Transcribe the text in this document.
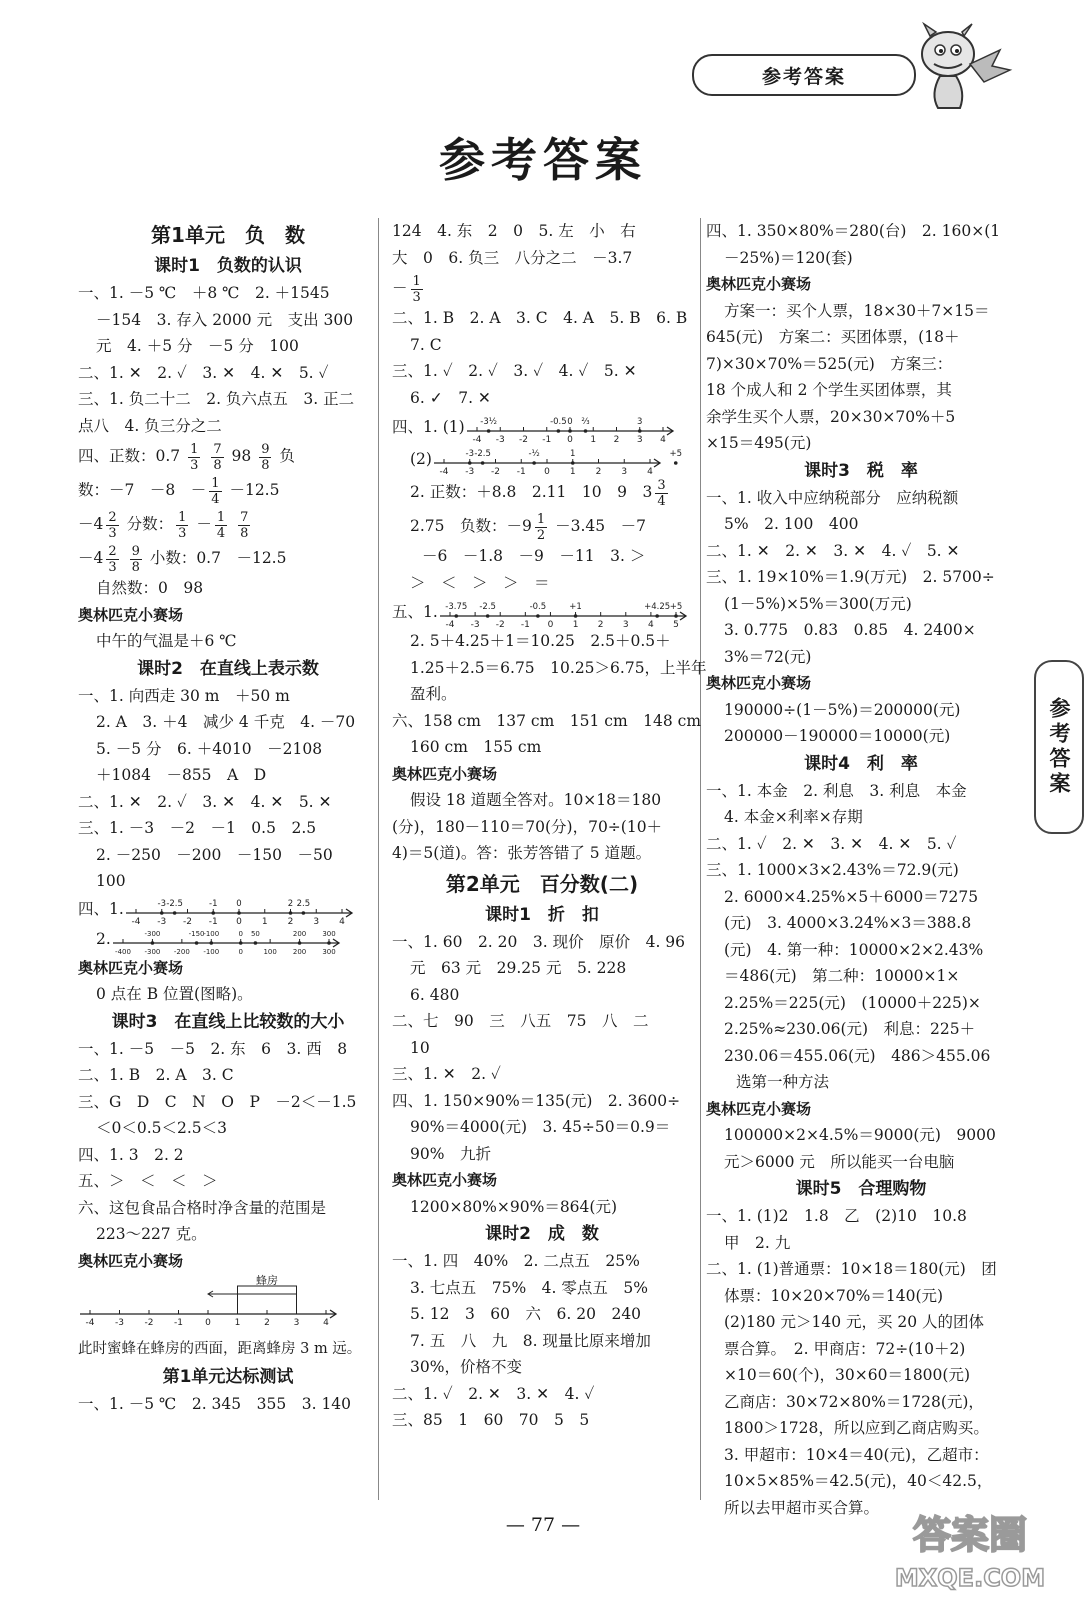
参考答案
参考答案
参考答案
第1单元　负　数
课时1　负数的认识
一、1. －5 ℃　＋8 ℃　2. ＋1545
－154　3. 存入 2000 元　支出 300
元　4. ＋5 分　－5 分　100
二、1. ✕　2. ✓　3. ✕　4. ✕　5. ✓
三、1. 负二十二　2. 负六点五　3. 正二
点八　4. 负三分之二
四、正数：$0.7 \frac{1}{3}$
$\frac{7}{8} 98 \frac{9}{8}$ 负
数：－7　－8　－ $\frac{1}{4} -12.5$
$-4 \frac{2}{3}$ 分数： $\frac{1}{3} - \frac{1}{4}$
$\frac{7}{8}$
$-4 \frac{2}{3}$
$\frac{9}{8}$ 小数：0.7　－12.5
自然数：0　98
奥林匹克小赛场
中午的气温是＋6 ℃
课时2　在直线上表示数
一、1. 向西走 30 m　＋50 m
2. A　3. ＋4　减少 4 千克　4. －70
5. －5 分　6. ＋4010　－2108
＋1084　－855　A　D
二、1. ✕　2. ✓　3. ✕　4. ✕　5. ✕
三、1. －3　－2　－1　0.5　2.5
2. －250　－200　－150　－50
100
四、1.
-4 -3 -2 -1 0 1 2 3 4
-3 -2.5	-1 0	2 2.5
2.
-400 -300 -200 -100	0	100 200 300
-300	-150
-100	0 50	200 300
奥林匹克小赛场
0 点在 B 位置(图略)。
课时3　在直线上比较数的大小
一、1. －5　－5　2. 东　6　3. 西　8
二、1. B　2. A　3. C
三、G　D　C　N　O　P　－2＜－1.5
＜0＜0.5＜2.5＜3
四、1. 3　2. 2
五、＞　＜　＜　＞
六、这包食品合格时净含量的范围是
223～227 克。
奥林匹克小赛场
-4 -3 -2 -1 0	1	2	3	4
蜂房
此时蜜蜂在蜂房的西面，距离蜂房 3 m 远。
第1单元达标测试
一、1. －5 ℃　2. 345　355　3. 140
124　4. 东　2　0　5. 左　小　右
大　0　6. 负三　八分之二　－3.7
－ $\frac{1}{3}$
二、1. B　2. A　3. C　4. A　5. B　6. B
7. C
三、1. ✓　2. ✓　3. ✓　4. ✓　5. ✕
6. ✓　7. ✕
四、1. (1)
-4 -3 -2 -1 0 1 2 3 4
-3½	-0.5 0 ⅔	3
(2)
-4 -3 -2 -1 0 1 2 3 4
-3 -2.5	-½	1	+5
2. 正数：＋8.8　2.11　10　9　$3 \frac{3}{4}$
2.75　负数：$-9 \frac{1}{2} -3.45$　－7
－6　－1.8　－9　－11　3. ＞
＞　＜　＞　＞　＝
五、1.
-4 -3 -2 -1 0 1 2 3 4 5
-3.75 -2.5	-0.5	+1	+4.25 +5
2. 5＋4.25＋1＝10.25　2.5＋0.5＋
1.25＋2.5＝6.75　10.25＞6.75，上半年
盈利。
六、158 cm　137 cm　151 cm　148 cm
160 cm　155 cm
奥林匹克小赛场
假设 18 道题全答对。10×18＝180
(分)，180－110＝70(分)，70÷(10＋
4)＝5(道)。答：张芳答错了 5 道题。
第2单元　百分数(二)
课时1　折　扣
一、1. 60　2. 20　3. 现价　原价　4. 96
元　63 元　29.25 元　5. 228
6. 480
二、七　90　三　八五　75　八　二
10
三、1. ✕　2. ✓
四、1. 150×90%＝135(元)　2. 3600÷
90%＝4000(元)　3. 45÷50＝0.9＝
90%　九折
奥林匹克小赛场
1200×80%×90%＝864(元)
课时2　成　数
一、1. 四　40%　2. 二点五　25%
3. 七点五　75%　4. 零点五　5%
5. 12　3　60　六　6. 20　240
7. 五　八　九　8. 现量比原来增加
30%，价格不变
二、1. ✓　2. ✕　3. ✕　4. ✓
三、85　1　60　70　5　5
四、1. 350×80%＝280(台)　2. 160×(1
－25%)＝120(套)
奥林匹克小赛场
方案一：买个人票，18×30＋7×15＝
645(元)　方案二：买团体票，(18＋
7)×30×70%＝525(元)　方案三：
18 个成人和 2 个学生买团体票，其
余学生买个人票，20×30×70%＋5
×15＝495(元)
课时3　税　率
一、1. 收入中应纳税部分　应纳税额
5%　2. 100　400
二、1. ✕　2. ✕　3. ✕　4. ✓　5. ✕
三、1. 19×10%＝1.9(万元)　2. 5700÷
(1－5%)×5%＝300(万元)
3. 0.775　0.83　0.85　4. 2400×
3%＝72(元)
奥林匹克小赛场
190000÷(1－5%)＝200000(元)
200000－190000＝10000(元)
课时4　利　率
一、1. 本金　2. 利息　3. 利息　本金
4. 本金×利率×存期
二、1. ✓　2. ✕　3. ✕　4. ✕　5. ✓
三、1. 1000×3×2.43%＝72.9(元)
2. 6000×4.25%×5＋6000＝7275
(元)　3. 4000×3.24%×3＝388.8
(元)　4. 第一种：10000×2×2.43%
＝486(元)　第二种：10000×1×
2.25%＝225(元)　(10000＋225)×
2.25%≈230.06(元)　利息：225＋
230.06＝455.06(元)　486＞455.06
选第一种方法
奥林匹克小赛场
100000×2×4.5%＝9000(元)　9000
元＞6000 元　所以能买一台电脑
课时5　合理购物
一、1. (1)2　1.8　乙　(2)10　10.8
甲　2. 九
二、1. (1)普通票：10×18＝180(元)　团
体票：10×20×70%＝140(元)
(2)180 元＞140 元，买 20 人的团体
票合算。　2. 甲商店：72÷(10＋2)
×10＝60(个)，30×60＝1800(元)
乙商店：30×72×80%＝1728(元)，
1800＞1728，所以应到乙商店购买。
3. 甲超市：10×4＝40(元)，乙超市：
10×5×85%＝42.5(元)，40＜42.5，
所以去甲超市买合算。
— 77 —	答案圈
MXQE.COM
